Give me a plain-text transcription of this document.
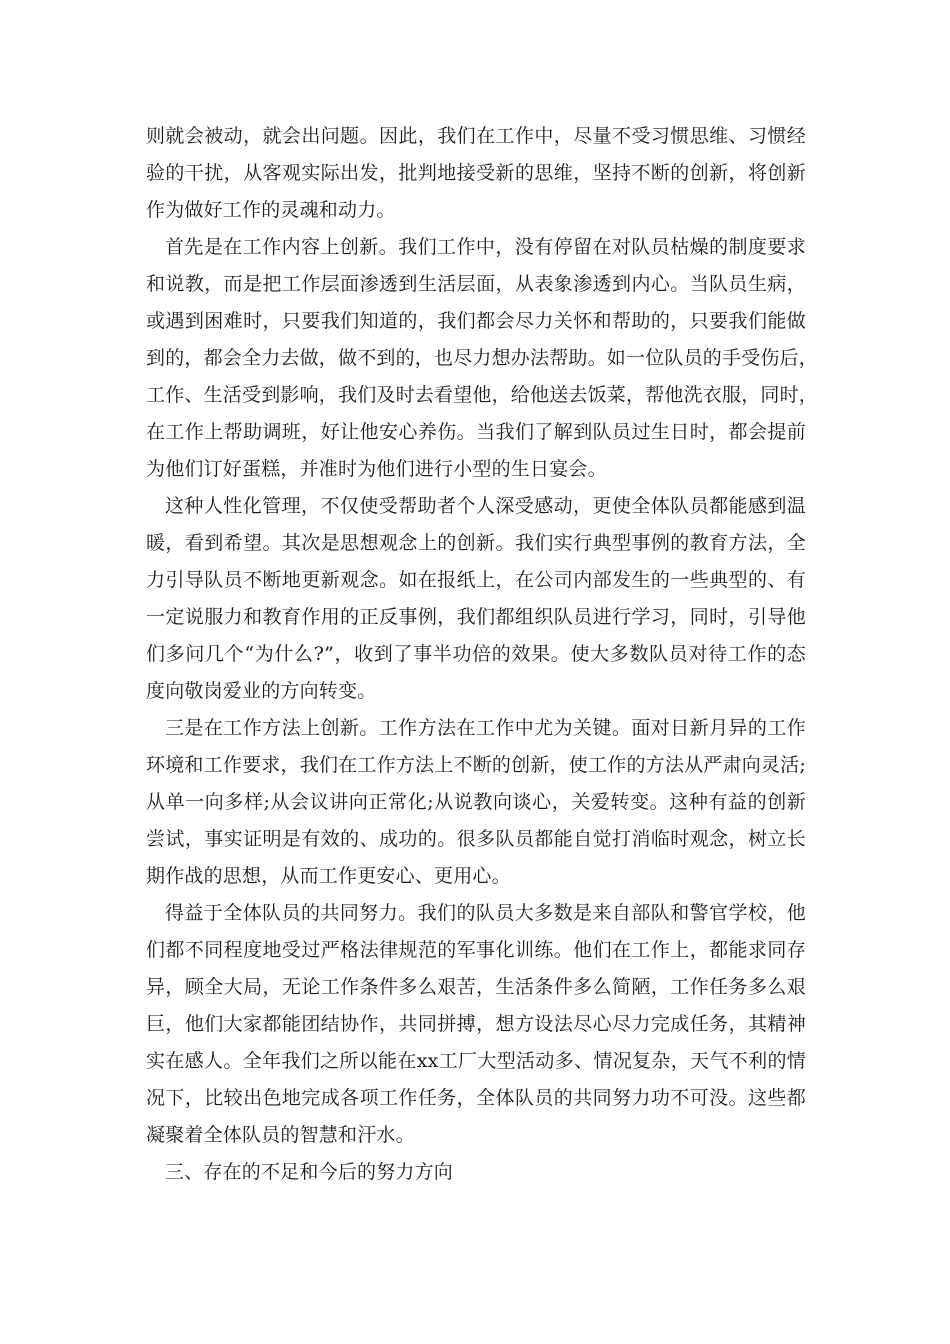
则就会被动，就会出问题。因此，我们在工作中，尽量不受习惯思维、习惯经
验的干扰，从客观实际出发，批判地接受新的思维，坚持不断的创新，将创新
作为做好工作的灵魂和动力。
首先是在工作内容上创新。我们工作中，没有停留在对队员枯燥的制度要求
和说教，而是把工作层面渗透到生活层面，从表象渗透到内心。当队员生病，
或遇到困难时，只要我们知道的，我们都会尽力关怀和帮助的，只要我们能做
到的，都会全力去做，做不到的，也尽力想办法帮助。如一位队员的手受伤后，
工作、生活受到影响，我们及时去看望他，给他送去饭菜，帮他洗衣服，同时，
在工作上帮助调班，好让他安心养伤。当我们了解到队员过生日时，都会提前
为他们订好蛋糕，并准时为他们进行小型的生日宴会。
这种人性化管理，不仅使受帮助者个人深受感动，更使全体队员都能感到温
暖，看到希望。其次是思想观念上的创新。我们实行典型事例的教育方法，全
力引导队员不断地更新观念。如在报纸上，在公司内部发生的一些典型的、有
一定说服力和教育作用的正反事例，我们都组织队员进行学习，同时，引导他
们多问几个“为什么?”，收到了事半功倍的效果。使大多数队员对待工作的态
度向敬岗爱业的方向转变。
三是在工作方法上创新。工作方法在工作中尤为关键。面对日新月异的工作
环境和工作要求，我们在工作方法上不断的创新，使工作的方法从严肃向灵活;
从单一向多样;从会议讲向正常化;从说教向谈心，关爱转变。这种有益的创新
尝试，事实证明是有效的、成功的。很多队员都能自觉打消临时观念，树立长
期作战的思想，从而工作更安心、更用心。
得益于全体队员的共同努力。我们的队员大多数是来自部队和警官学校，他
们都不同程度地受过严格法律规范的军事化训练。他们在工作上，都能求同存
异，顾全大局，无论工作条件多么艰苦，生活条件多么简陋，工作任务多么艰
巨，他们大家都能团结协作，共同拼搏，想方设法尽心尽力完成任务，其精神
实在感人。全年我们之所以能在xx工厂大型活动多、情况复杂，天气不利的情
况下，比较出色地完成各项工作任务，全体队员的共同努力功不可没。这些都
凝聚着全体队员的智慧和汗水。
三、存在的不足和今后的努力方向
